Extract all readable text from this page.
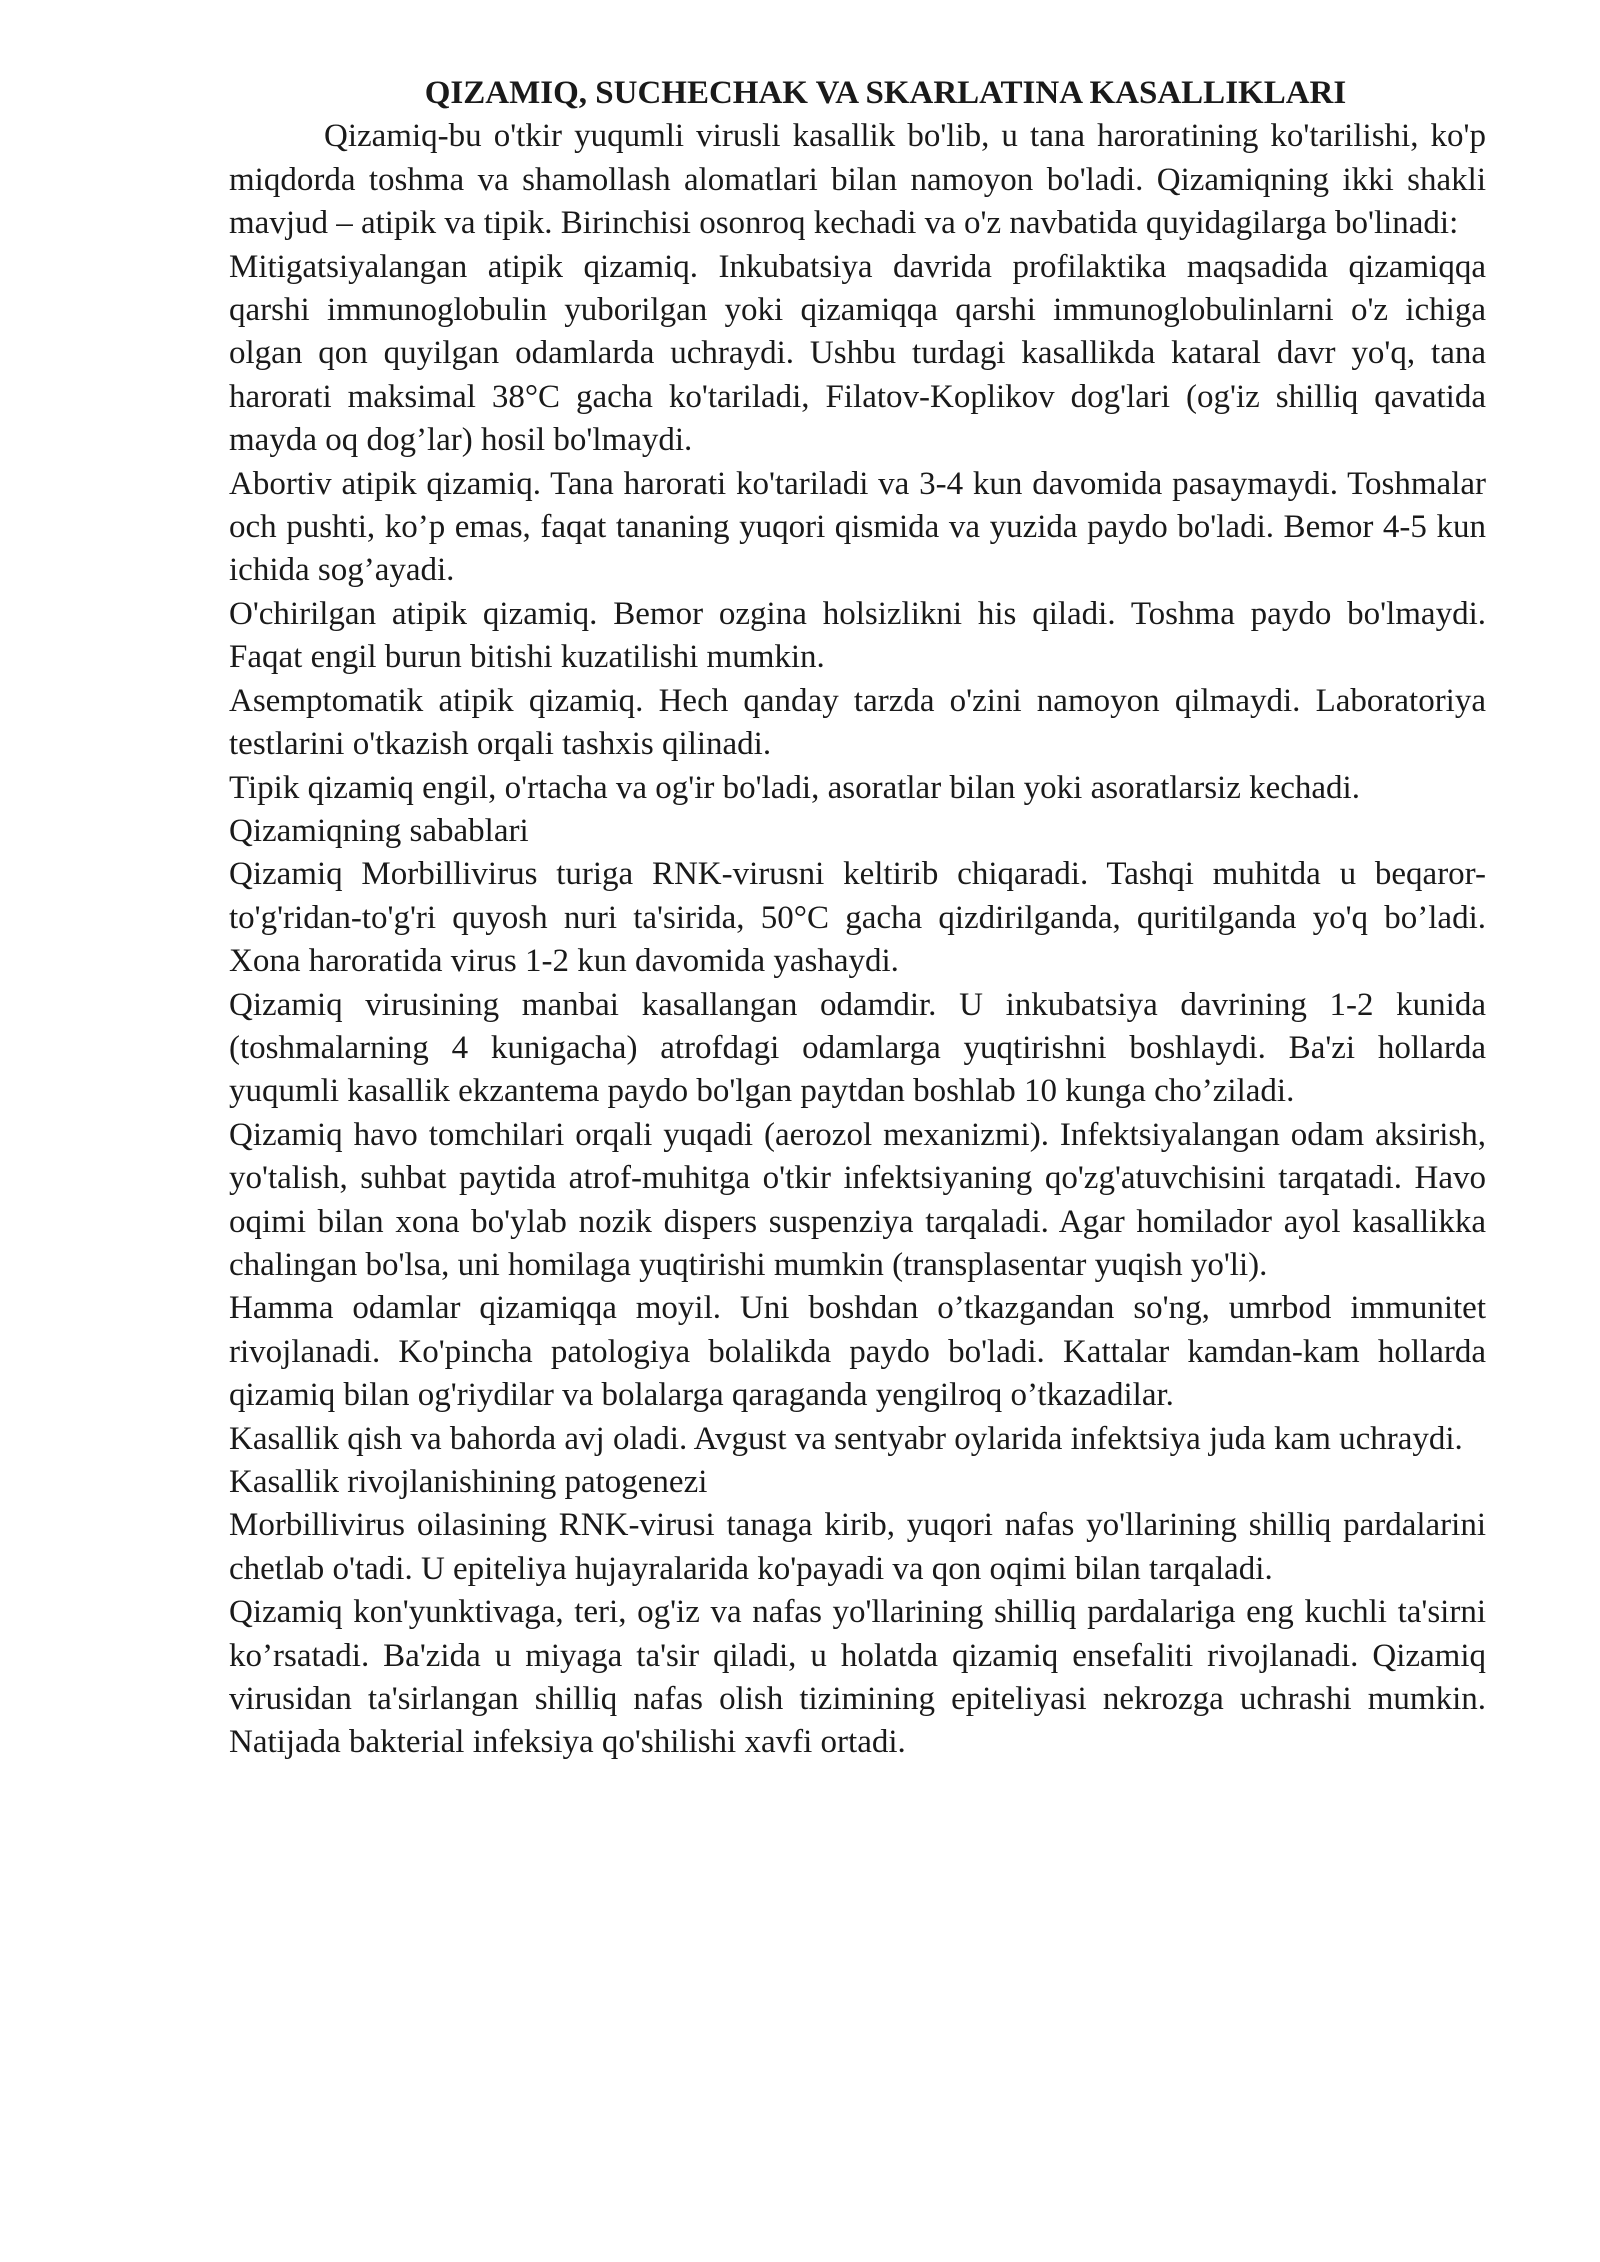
QIZAMIQ, SUCHECHAK VA SKARLATINA KASALLIKLARI

Qizamiq-bu o'tkir yuqumli virusli kasallik bo'lib, u tana haroratining ko'tarilishi, ko'p miqdorda toshma va shamollash alomatlari bilan namoyon bo'ladi. Qizamiqning ikki shakli mavjud – atipik va tipik. Birinchisi osonroq kechadi va o'z navbatida quyidagilarga bo'linadi:

Mitigatsiyalangan atipik qizamiq. Inkubatsiya davrida profilaktika maqsadida qizamiqqa qarshi immunoglobulin yuborilgan yoki qizamiqqa qarshi immunoglobulinlarni o'z ichiga olgan qon quyilgan odamlarda uchraydi. Ushbu turdagi kasallikda kataral davr yo'q, tana harorati maksimal 38°C gacha ko'tariladi, Filatov-Koplikov dog'lari (og'iz shilliq qavatida mayda oq dog’lar) hosil bo'lmaydi.

Abortiv atipik qizamiq. Tana harorati ko'tariladi va 3-4 kun davomida pasaymaydi. Toshmalar och pushti, ko’p emas, faqat tananing yuqori qismida va yuzida paydo bo'ladi. Bemor 4-5 kun ichida sog’ayadi.

O'chirilgan atipik qizamiq. Bemor ozgina holsizlikni his qiladi. Toshma paydo bo'lmaydi. Faqat engil burun bitishi kuzatilishi mumkin.

Asemptomatik atipik qizamiq. Hech qanday tarzda o'zini namoyon qilmaydi. Laboratoriya testlarini o'tkazish orqali tashxis qilinadi.

Tipik qizamiq engil, o'rtacha va og'ir bo'ladi, asoratlar bilan yoki asoratlarsiz kechadi.

Qizamiqning sabablari

Qizamiq Morbillivirus turiga RNK-virusni keltirib chiqaradi. Tashqi muhitda u beqaror-to'g'ridan-to'g'ri quyosh nuri ta'sirida, 50°C gacha qizdirilganda, quritilganda yo'q bo’ladi. Xona haroratida virus 1-2 kun davomida yashaydi.

Qizamiq virusining manbai kasallangan odamdir. U inkubatsiya davrining 1-2 kunida (toshmalarning 4 kunigacha) atrofdagi odamlarga yuqtirishni boshlaydi. Ba'zi hollarda yuqumli kasallik ekzantema paydo bo'lgan paytdan boshlab 10 kunga cho’ziladi.

Qizamiq havo tomchilari orqali yuqadi (aerozol mexanizmi). Infektsiyalangan odam aksirish, yo'talish, suhbat paytida atrof-muhitga o'tkir infektsiyaning qo'zg'atuvchisini tarqatadi. Havo oqimi bilan xona bo'ylab nozik dispers suspenziya tarqaladi. Agar homilador ayol kasallikka chalingan bo'lsa, uni homilaga yuqtirishi mumkin (transplasentar yuqish yo'li).

Hamma odamlar qizamiqqa moyil. Uni boshdan o’tkazgandan so'ng, umrbod immunitet rivojlanadi. Ko'pincha patologiya bolalikda paydo bo'ladi. Kattalar kamdan-kam hollarda qizamiq bilan og'riydilar va bolalarga qaraganda yengilroq o’tkazadilar.

Kasallik qish va bahorda avj oladi. Avgust va sentyabr oylarida infektsiya juda kam uchraydi.

Kasallik rivojlanishining patogenezi

Morbillivirus oilasining RNK-virusi tanaga kirib, yuqori nafas yo'llarining shilliq pardalarini chetlab o'tadi. U epiteliya hujayralarida ko'payadi va qon oqimi bilan tarqaladi.

Qizamiq kon'yunktivaga, teri, og'iz va nafas yo'llarining shilliq pardalariga eng kuchli ta'sirni ko’rsatadi. Ba'zida u miyaga ta'sir qiladi, u holatda qizamiq ensefaliti rivojlanadi. Qizamiq virusidan ta'sirlangan shilliq nafas olish tizimining epiteliyasi nekrozga uchrashi mumkin. Natijada bakterial infeksiya qo'shilishi xavfi ortadi.
